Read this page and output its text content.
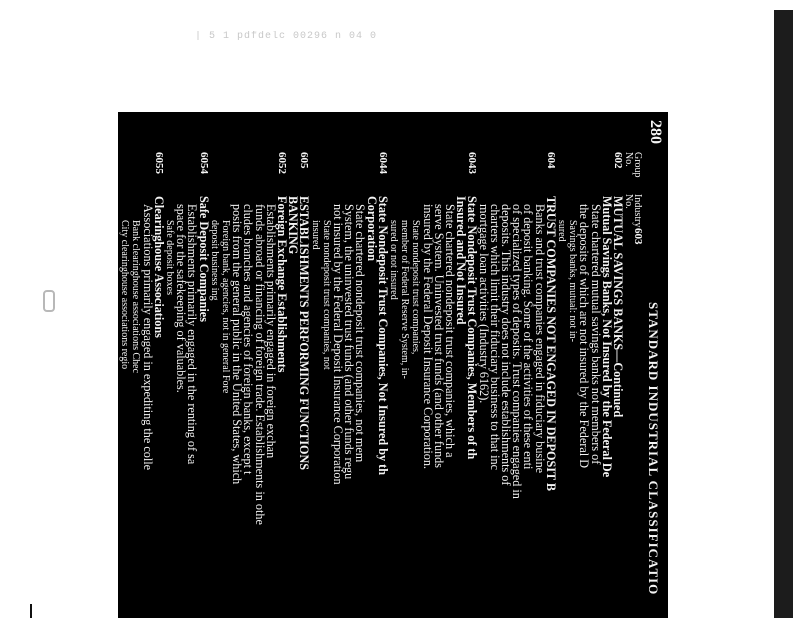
| 5 1 pdfdelc 00296 n 04 0
280
STANDARD INDUSTRIAL CLASSIFICATIO
Group
No.
Industry
No.
603
602
MUTUAL SAVINGS BANKS—Continued
Mutual Savings Banks, Not Insured by the Federal De
State chartered mutual savings banks not members of
the deposits of which are not insured by the Federal D
Savings banks, mutual: not in-
sured
604
TRUST COMPANIES NOT ENGAGED IN DEPOSIT B
Banks and trust companies engaged in fiduciary busine
of deposit banking. Some of the activities of these enti
of specialized types of deposits. Trust companies engaged in
deposits. This industry does not include establishments of
charters which limit their fiduciary business to that inc
mortgage loan activities (Industry 6162).
6043
State Nondeposit Trust Companies, Members of th
Insured and Not Insured
State chartered nondeposit trust companies, which a
serve System. Uninvested trust funds (and other funds
insured by the Federal Deposit Insurance Corporation.
State nondeposit trust companies,
member of Federal Reserve System, in-
sured or not insured
6044
State Nondeposit Trust Companies, Not Insured by th
Corporation
State chartered nondeposit trust companies, not mem
System, the uninvested trust funds (and other funds regu
not insured by the Federal Deposit Insurance Corporation
State nondeposit trust companies, not
insured
605
ESTABLISHMENTS PERFORMING FUNCTIONS
BANKING
6052
Foreign Exchange Establishments
Establishments primarily engaged in foreign exchan
funds abroad or financing of foreign trade. Establishments in othe
cludes branches and agencies of foreign banks, except t
posits from the general public in the United States, which
Foreign bank, agencies, not in general Fore
deposit business ing
6054
Safe Deposit Companies
Establishments primarily engaged in the renting of sa
space for the safekeeping of valuables.
Safe deposit boxes
6055
Clearinghouse Associations
Associations primarily engaged in expediting the colle
Bank clearinghouse associations Chec
City clearinghouse associations regio
